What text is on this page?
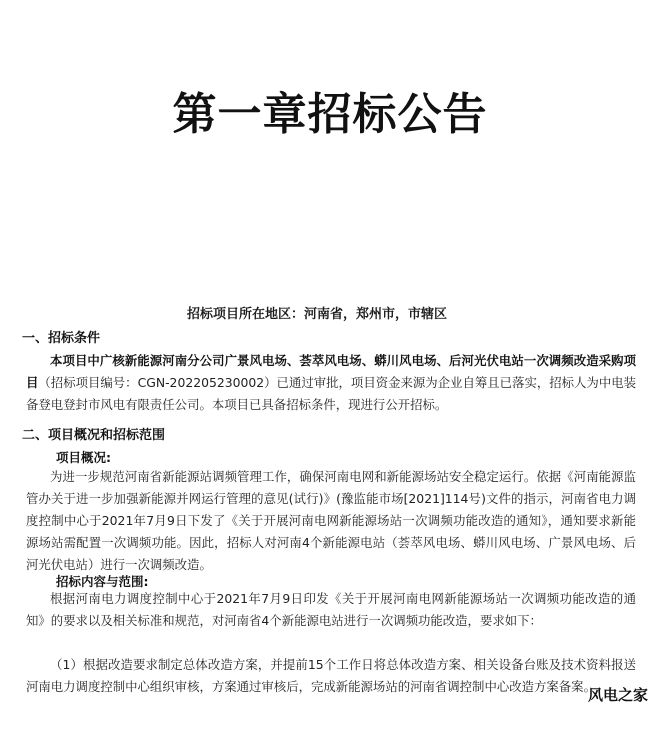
第一章招标公告
招标项目所在地区：河南省，郑州市，市辖区
一、招标条件
本项目中广核新能源河南分公司广景风电场、荟萃风电场、蟒川风电场、后河光伏电站一次调频改造采购项目（招标项目编号：CGN-202205230002）已通过审批，项目资金来源为企业自筹且已落实，招标人为中电装备登电登封市风电有限责任公司。本项目已具备招标条件，现进行公开招标。
二、项目概况和招标范围
项目概况:
为进一步规范河南省新能源站调频管理工作，确保河南电网和新能源场站安全稳定运行。依据《河南能源监管办关于进一步加强新能源并网运行管理的意见(试行)》(豫监能市场[2021]114号)文件的指示，河南省电力调度控制中心于2021年7月9日下发了《关于开展河南电网新能源场站一次调频功能改造的通知》，通知要求新能源场站需配置一次调频功能。因此，招标人对河南4个新能源电站（荟萃风电场、蟒川风电场、广景风电场、后河光伏电站）进行一次调频改造。
招标内容与范围:
根据河南电力调度控制中心于2021年7月9日印发《关于开展河南电网新能源场站一次调频功能改造的通知》的要求以及相关标准和规范，对河南省4个新能源电站进行一次调频功能改造，要求如下：
（1）根据改造要求制定总体改造方案，并提前15个工作日将总体改造方案、相关设备台账及技术资料报送河南电力调度控制中心组织审核，方案通过审核后，完成新能源场站的河南省调控制中心改造方案备案。
风电之家
